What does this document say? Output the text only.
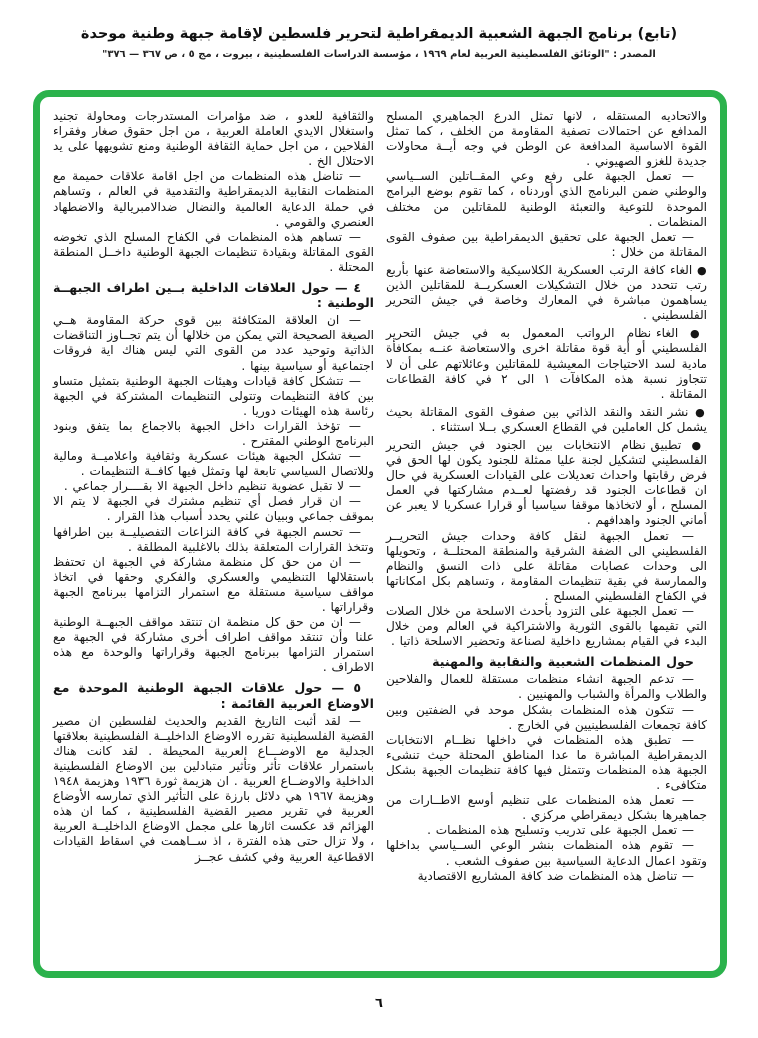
(تابع) برنامج الجبهة الشعبية الديمقراطية لتحرير فلسطين لإقامة جبهة وطنية موحدة
المصدر : "الوثائق الفلسطينية العربية لعام ١٩٦٩ ، مؤسسة الدراسات الفلسطينية ، بيروت ، مج ٥ ، ص ٣٦٧ — ٣٧٦"

والاتحاديه المستقله ، لانها تمثل الدرع الجماهيري المسلح المدافع عن احتمالات تصفية المقاومة من الخلف ، كما تمثل القوة الاساسية المدافعة عن الوطن في وجه أيــة محاولات جديدة للغزو الصهيوني .

— تعمل الجبهة على رفع وعي المقــاتلين الســياسي والوطني ضمن البرنامج الذي أوردناه ، كما تقوم بوضع البرامج الموحدة للتوعية والتعبئة الوطنية للمقاتلين من مختلف المنظمات .

— تعمل الجبهة على تحقيق الديمقراطية بين صفوف القوى المقاتلة من خلال :

● الغاء كافة الرتب العسكرية الكلاسيكية والاستعاضة عنها بأربع رتب تتحدد من خلال التشكيلات العسكريــة للمقاتلين الذين يساهمون مباشرة في المعارك وخاصة في جيش التحرير الفلسطيني .

● الغاء نظام الرواتب المعمول به في جيش التحرير الفلسطيني أو أية قوة مقاتلة اخرى والاستعاضة عنــه بمكافأة مادية لسد الاحتياجات المعيشية للمقاتلين وعائلاتهم على أن لا تتجاوز نسبة هذه المكافآت ١ الى ٢ في كافة القطاعات المقاتلة .

● نشر النقد والنقد الذاتي بين صفوف القوى المقاتلة بحيث يشمل كل العاملين في القطاع العسكري بــلا استثناء .

● تطبيق نظام الانتخابات بين الجنود في جيش التحرير الفلسطيني لتشكيل لجنة عليا ممثلة للجنود يكون لها الحق في فرض رقابتها واحداث تعديلات على القيادات العسكرية في حال ان قطاعات الجنود قد رفضتها لعــدم مشاركتها في العمل المسلح ، أو لاتخاذها موقفا سياسيا أو قرارا عسكريا لا يعبر عن أماني الجنود واهدافهم .

— تعمل الجبهة لنقل كافة وحدات جيش التحريــر الفلسطيني الى الضفة الشرقية والمنطقة المحتلــة ، وتحويلها الى وحدات عصابات مقاتلة على ذات النسق والنظام والممارسة في بقية تنظيمات المقاومة ، وتساهم بكل امكاناتها في الكفاح الفلسطيني المسلح .

— تعمل الجبهة على التزود بأحدث الاسلحة من خلال الصلات التي تقيمها بالقوى الثورية والاشتراكية في العالم ومن خلال البدء في القيام بمشاريع داخلية لصناعة وتحضير الاسلحة ذاتيا .

حول المنظمات الشعبية والنقابية والمهنية

— تدعم الجبهة انشاء منظمات مستقلة للعمال والفلاحين والطلاب والمرأة والشباب والمهنيين .

— تتكون هذه المنظمات بشكل موحد في الضفتين وبين كافة تجمعات الفلسطينيين في الخارج .

— تطبق هذه المنظمات في داخلها نظــام الانتخابات الديمقراطية المباشرة ما عدا المناطق المحتلة حيث تنشىء الجبهة هذه المنظمات وتتمثل فيها كافة تنظيمات الجبهة بشكل متكافىء .

— تعمل هذه المنظمات على تنظيم أوسع الاطــارات من جماهيرها بشكل ديمقراطي مركزي .

— تعمل الجبهة على تدريب وتسليح هذه المنظمات .

— تقوم هذه المنظمات بنشر الوعي الســياسي بداخلها وتقود اعمال الدعاية السياسية بين صفوف الشعب .

— تناضل هذه المنظمات ضد كافة المشاريع الاقتصادية

والثقافية للعدو ، ضد مؤامرات المستدرجات ومحاولة تجنيد واستغلال الايدي العاملة العربية ، من اجل حقوق صغار وفقراء الفلاحين ، من اجل حماية الثقافة الوطنية ومنع تشويهها على يد الاحتلال الخ .

— تناضل هذه المنظمات من اجل اقامة علاقات حميمة مع المنظمات النقابية الديمقراطية والتقدمية في العالم ، وتساهم في حملة الدعاية العالمية والنضال ضدالامبريالية والاضطهاد العنصري والقومي .

— تساهم هذه المنظمات في الكفاح المسلح الذي تخوضه القوى المقاتلة وبقيادة تنظيمات الجبهة الوطنية داخــل المنطقة المحتلة .

٤ — حول العلاقات الداخلية بــين اطراف الجبهــة الوطنية :

— ان العلاقة المتكافئة بين قوى حركة المقاومة هــي الصيغة الصحيحة التي يمكن من خلالها أن يتم تجــاوز التناقضات الذاتية وتوحيد عدد من القوى التي ليس هناك اية فروقات اجتماعية أو سياسية بينها .

— تتشكل كافة قيادات وهيئات الجبهة الوطنية بتمثيل متساو بين كافة التنظيمات وتتولى التنظيمات المشتركة في الجبهة رئاسة هذه الهيئات دوريا .

— تؤخذ القرارات داخل الجبهة بالاجماع بما يتفق وبنود البرنامج الوطني المقترح .

— تشكل الجبهة هيئات عسكرية وثقافية واعلاميــة ومالية وللاتصال السياسي تابعة لها وتمثل فيها كافــة التنظيمات .

— لا تقبل عضوية تنظيم داخل الجبهة الا بقــــرار جماعي .

— ان قرار فصل أي تنظيم مشترك في الجبهة لا يتم الا بموقف جماعي وببيان علني يحدد أسباب هذا القرار .

— تحسم الجبهة في كافة النزاعات التفصيليــة بين اطرافها وتتخذ القرارات المتعلقة بذلك بالاغلبية المطلقة .

— ان من حق كل منظمة مشاركة في الجبهة ان تحتفظ باستقلالها التنظيمي والعسكري والفكري وحقها في اتخاذ مواقف سياسية مستقلة مع استمرار التزامها ببرنامج الجبهة وقراراتها .

— ان من حق كل منظمة ان تنتقد مواقف الجبهــة الوطنية علنا وأن تنتقد مواقف اطراف أخرى مشاركة في الجبهة مع استمرار التزامها ببرنامج الجبهة وقراراتها والوحدة مع هذه الاطراف .

٥ — حول علاقات الجبهة الوطنية الموحدة مع الاوضاع العربية القائمة :

— لقد أثبت التاريخ القديم والحديث لفلسطين ان مصير القضية الفلسطينية تقرره الاوضاع الداخليــة الفلسطينية بعلاقتها الجدلية مع الاوضـــاع العربية المحيطة . لقد كانت هناك باستمرار علاقات تأثر وتأثير متبادلين بين الاوضاع الفلسطينية الداخلية والاوضــاع العربية . ان هزيمة ثورة ١٩٣٦ وهزيمة ١٩٤٨ وهزيمة ١٩٦٧ هي دلائل بارزة على التأثير الذي تمارسه الأوضاع العربية في تقرير مصير القضية الفلسطينية ، كما ان هذه الهزائم قد عكست اثارها على مجمل الاوضاع الداخليــة العربية ، ولا تزال حتى هذه الفترة ، اذ ســاهمت في اسقاط القيادات الاقطاعية العربية وفي كشف عجــز

٦
